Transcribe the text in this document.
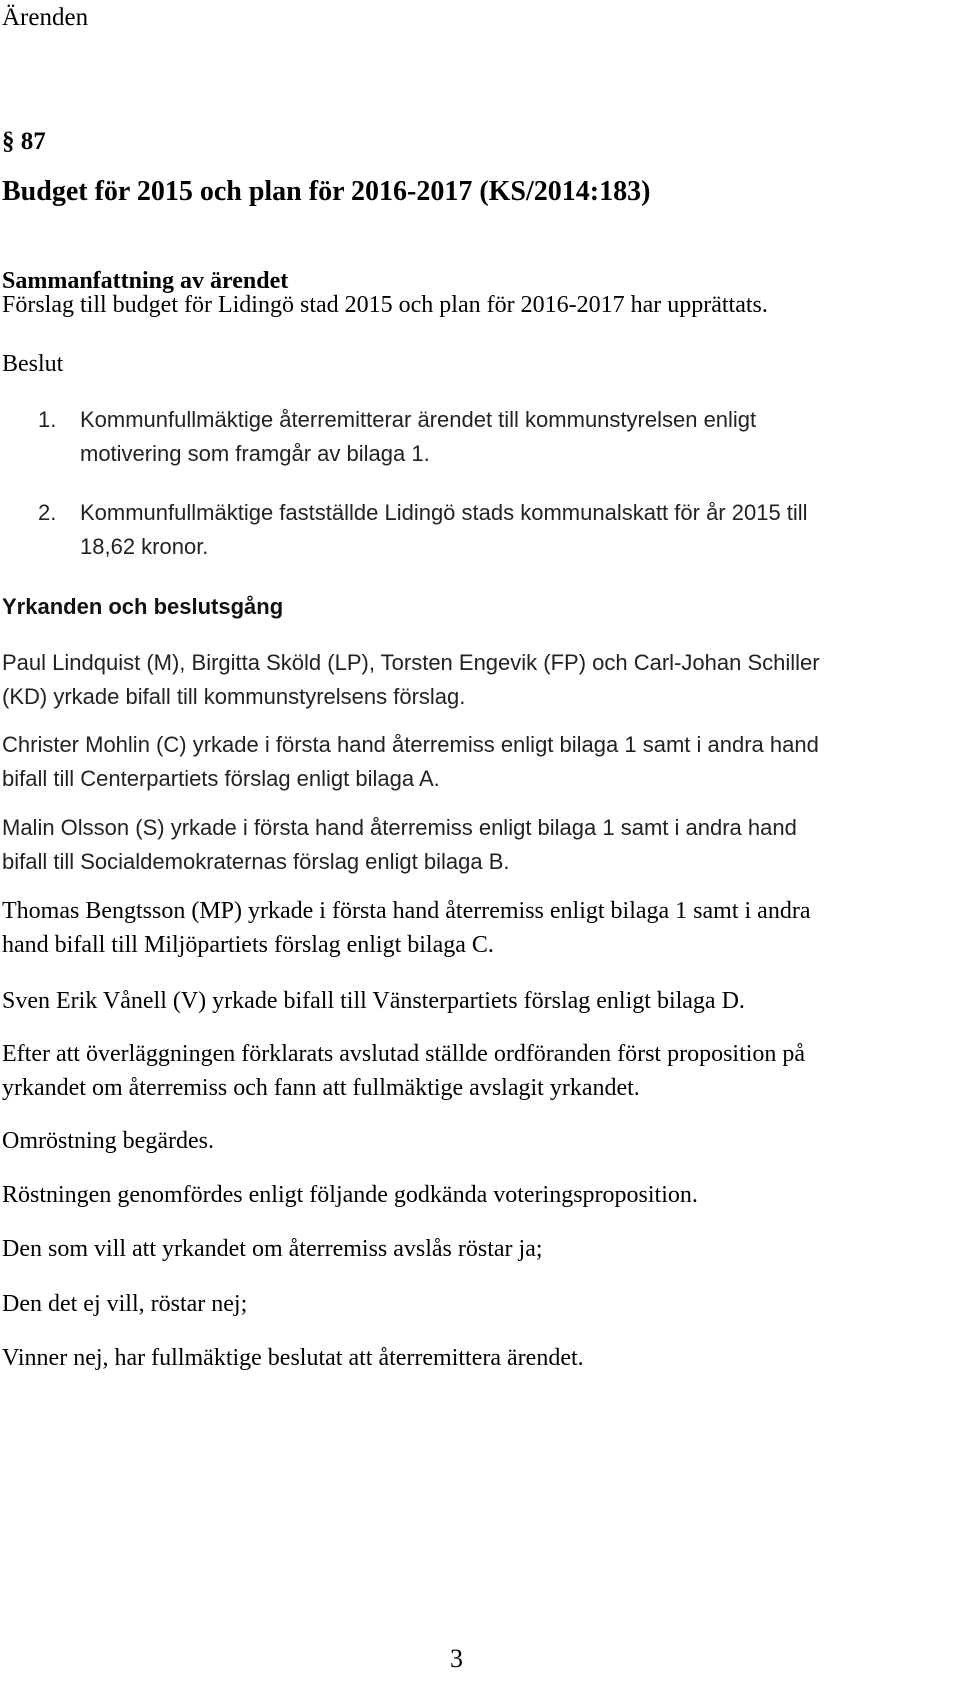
Ärenden
§ 87
Budget för 2015 och plan för 2016-2017 (KS/2014:183)
Sammanfattning av ärendet
Förslag till budget för Lidingö stad 2015 och plan för 2016-2017 har upprättats.
Beslut
1. Kommunfullmäktige återremitterar ärendet till kommunstyrelsen enligt
motivering som framgår av bilaga 1.
2. Kommunfullmäktige fastställde Lidingö stads kommunalskatt för år 2015 till
18,62 kronor.
Yrkanden och beslutsgång
Paul Lindquist (M), Birgitta Sköld (LP), Torsten Engevik (FP) och Carl-Johan Schiller
(KD) yrkade bifall till kommunstyrelsens förslag.
Christer Mohlin (C) yrkade i första hand återremiss enligt bilaga 1 samt i andra hand
bifall till Centerpartiets förslag enligt bilaga A.
Malin Olsson (S) yrkade i första hand återremiss enligt bilaga 1 samt i andra hand
bifall till Socialdemokraternas förslag enligt bilaga B.
Thomas Bengtsson (MP) yrkade i första hand återremiss enligt bilaga 1 samt i andra
hand bifall till Miljöpartiets förslag enligt bilaga C.
Sven Erik Vånell (V) yrkade bifall till Vänsterpartiets förslag enligt bilaga D.
Efter att överläggningen förklarats avslutad ställde ordföranden först proposition på
yrkandet om återremiss och fann att fullmäktige avslagit yrkandet.
Omröstning begärdes.
Röstningen genomfördes enligt följande godkända voteringsproposition.
Den som vill att yrkandet om återremiss avslås röstar ja;
Den det ej vill, röstar nej;
Vinner nej, har fullmäktige beslutat att återremittera ärendet.
3
